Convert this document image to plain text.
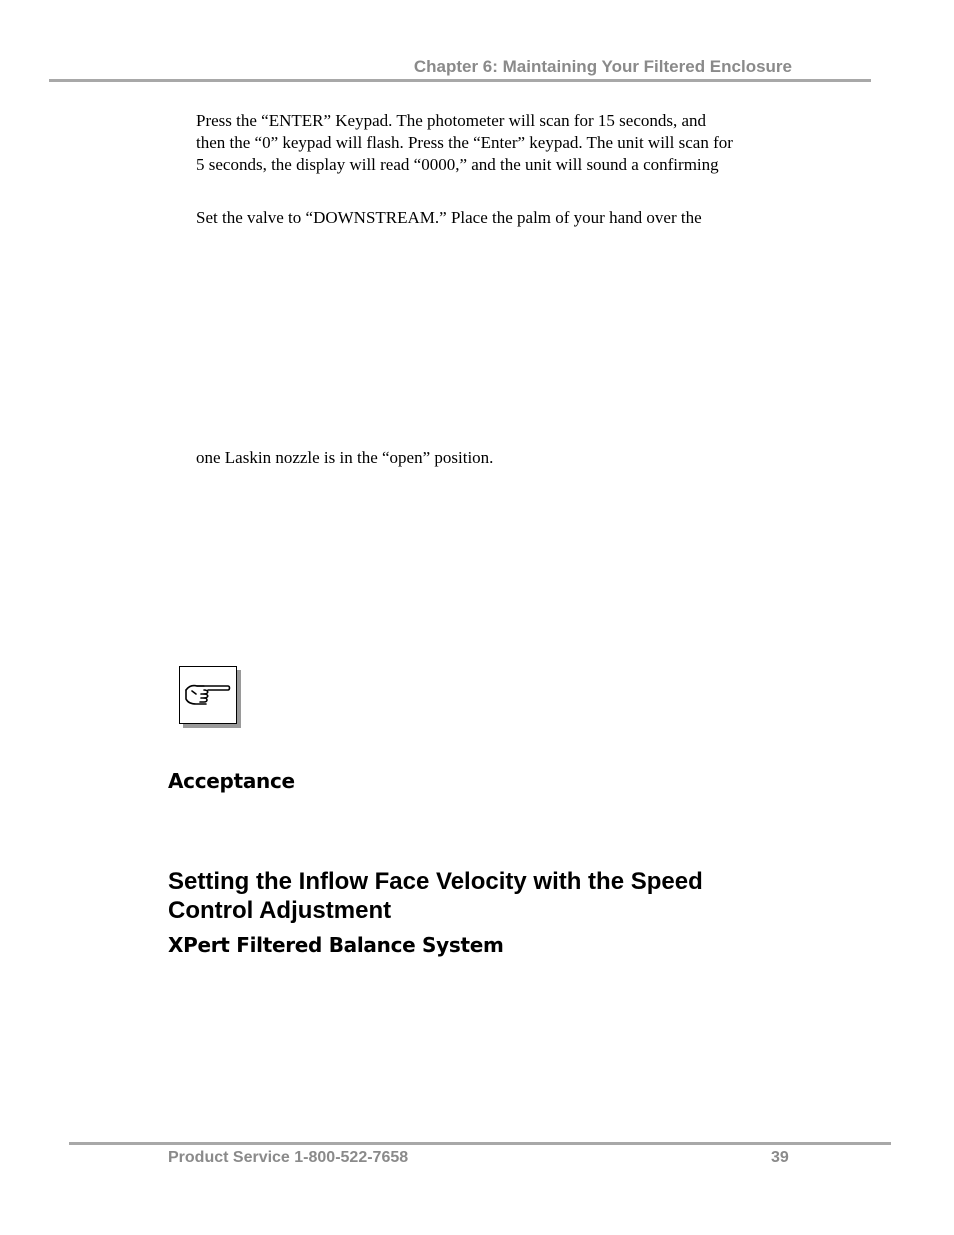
Chapter 6: Maintaining Your Filtered Enclosure
Press the “ENTER” Keypad. The photometer will scan for 15 seconds, and
then the “0” keypad will flash. Press the “Enter” keypad. The unit will scan for
5 seconds, the display will read “0000,” and the unit will sound a confirming
Set the valve to “DOWNSTREAM.” Place the palm of your hand over the
one Laskin nozzle is in the “open” position.
Acceptance
Setting the Inflow Face Velocity with the Speed
Control Adjustment
XPert Filtered Balance System
Product Service 1-800-522-7658	39
